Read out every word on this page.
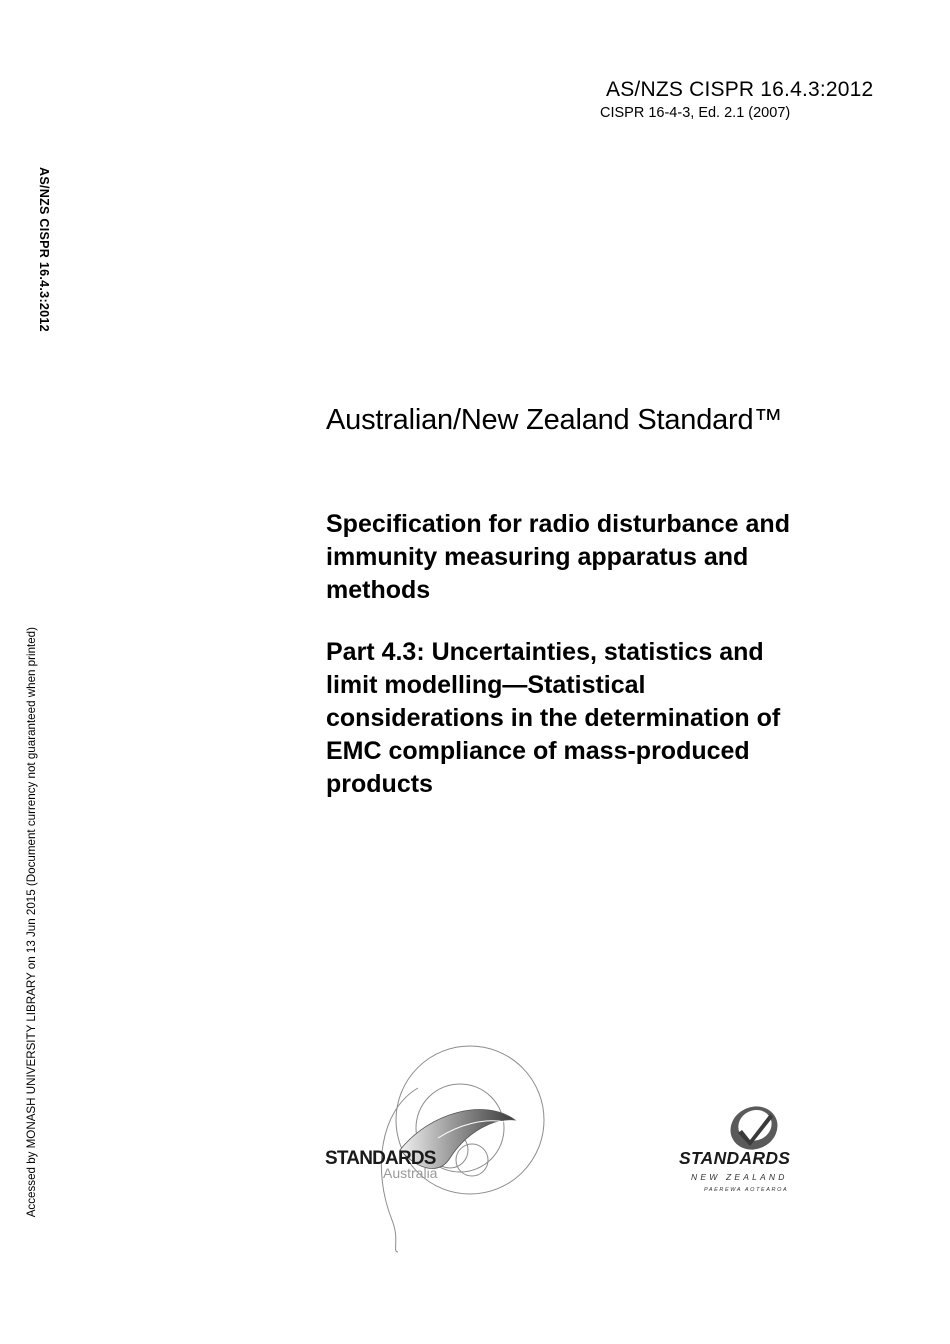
AS/NZS CISPR 16.4.3:2012
CISPR 16-4-3, Ed. 2.1 (2007)
AS/NZS CISPR 16.4.3:2012
Accessed by MONASH UNIVERSITY LIBRARY on 13 Jun 2015 (Document currency not guaranteed when printed)
Australian/New Zealand Standard™
Specification for radio disturbance and
immunity measuring apparatus and
methods
Part 4.3: Uncertainties, statistics and
limit modelling—Statistical
considerations in the determination of
EMC compliance of mass-produced
products
STANDARDS
Australia
STANDARDS
NEW ZEALAND
PAEREWA AOTEAROA
